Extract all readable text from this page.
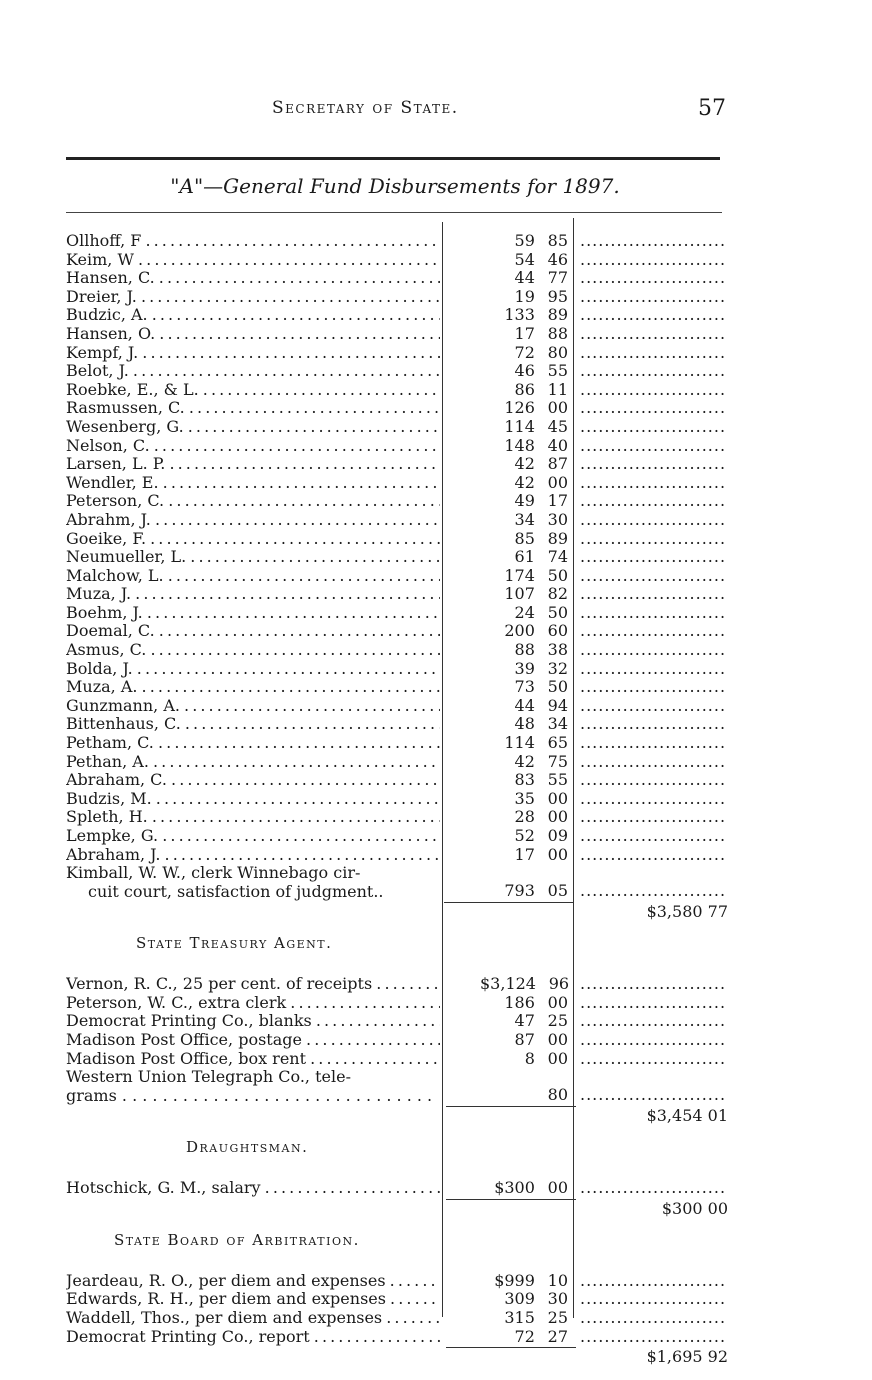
Secretary of State.	57
"A"—General Fund Disbursements for 1897.
Ollhoff, F . . .	59 85
.....
Keim, W . . .	54 46
.....
Hansen, C. . . .	44 77
.....
Dreier, J. . . .	19 95
.....
Budzic, A. . . .	133 89
.....
Hansen, O. . . .	17 88
.....
Kempf, J. . . .	72 80
.....
Belot, J. . . .	46 55
.....
Roebke, E., & L. . . .	86 11
.....
Rasmussen, C. . . .	126 00
.....
Wesenberg, G. . . .	114 45
.....
Nelson, C. . . .	148 40
.....
Larsen, L. P. . . .	42 87
.....
Wendler, E. . . .	42 00
.....
Peterson, C. . . .	49 17
.....
Abrahm, J. . . .	34 30
.....
Goeike, F. . . .	85 89
.....
Neumueller, L. . . .	61 74
.....
Malchow, L. . . .	174 50
.....
Muza, J. . . .	107 82
.....
Boehm, J. . . .	24 50
.....
Doemal, C. . . .	200 60
.....
Asmus, C. . . .	88 38
.....
Bolda, J. . . .	39 32
.....
Muza, A. . . .	73 50
.....
Gunzmann, A. . . .	44 94
.....
Bittenhaus, C. . . .	48 34
.....
Petham, C. . . .	114 65
.....
Pethan, A. . . .	42 75
.....
Abraham, C. . . .	83 55
.....
Budzis, M. . . .	35 00
.....
Spleth, H. . . .	28 00
.....
Lempke, G. . . .	52 09
.....
Abraham, J. . . .	17 00
.....
Kimball, W. W., clerk Winnebago cir-
cuit court, satisfaction of judgment..	793 05
.....
$3,580 77
State Treasury Agent.
Vernon, R. C., 25 per cent. of receipts . . .	$3,124 96
.....
Peterson, W. C., extra clerk . . .	186 00
.....
Democrat Printing Co., blanks . . .	47 25
.....
Madison Post Office, postage . . .	87 00
.....
Madison Post Office, box rent . . .	8 00
.....
Western Union Telegraph Co., tele-
grams . . . . . . . . . . . . . . . . . . . . . . . . . . . . . . .	80
.....
$3,454 01
Draughtsman.
Hotschick, G. M., salary . . .	$300 00
.....
$300 00
State Board of Arbitration.
Jeardeau, R. O., per diem and expenses . . .	$999 10
.....
Edwards, R. H., per diem and expenses . . .	309 30
.....
Waddell, Thos., per diem and expenses . . .	315 25
.....
Democrat Printing Co., report . . .	72 27
.....
$1,695 92
